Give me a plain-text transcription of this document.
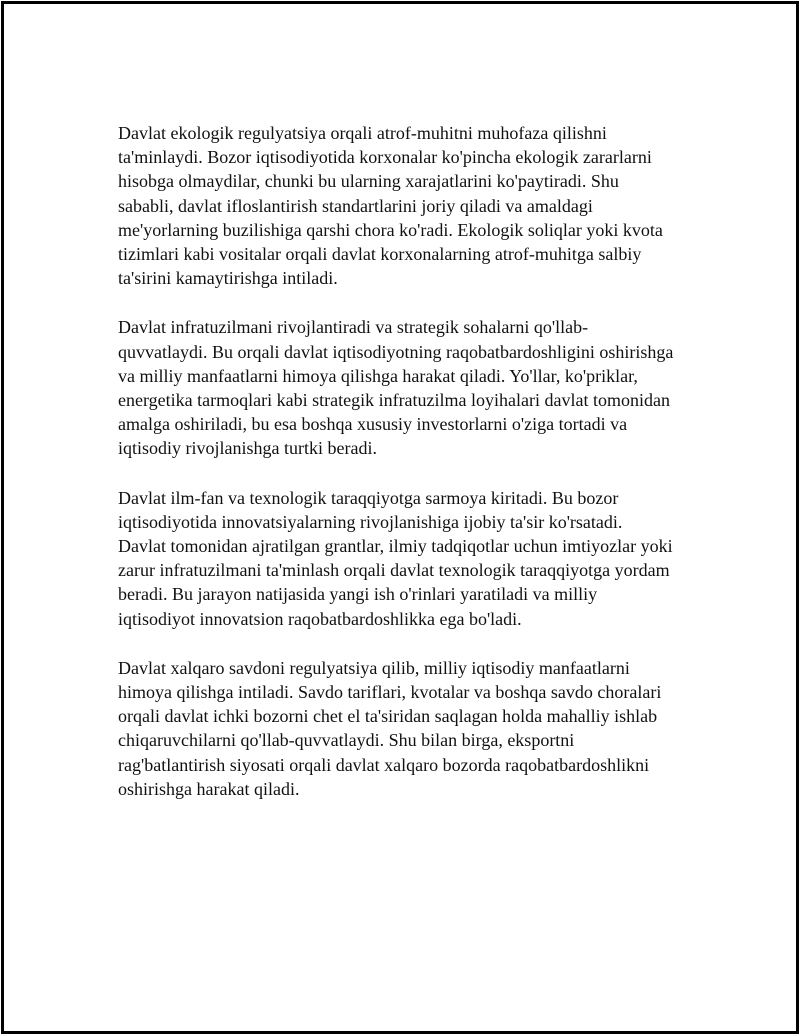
Davlat ekologik regulyatsiya orqali atrof-muhitni muhofaza qilishni
ta'minlaydi. Bozor iqtisodiyotida korxonalar ko'pincha ekologik zararlarni
hisobga olmaydilar, chunki bu ularning xarajatlarini ko'paytiradi. Shu
sababli, davlat ifloslantirish standartlarini joriy qiladi va amaldagi
me'yorlarning buzilishiga qarshi chora ko'radi. Ekologik soliqlar yoki kvota
tizimlari kabi vositalar orqali davlat korxonalarning atrof-muhitga salbiy
ta'sirini kamaytirishga intiladi.

Davlat infratuzilmani rivojlantiradi va strategik sohalarni qo'llab-
quvvatlaydi. Bu orqali davlat iqtisodiyotning raqobatbardoshligini oshirishga
va milliy manfaatlarni himoya qilishga harakat qiladi. Yo'llar, ko'priklar,
energetika tarmoqlari kabi strategik infratuzilma loyihalari davlat tomonidan
amalga oshiriladi, bu esa boshqa xususiy investorlarni o'ziga tortadi va
iqtisodiy rivojlanishga turtki beradi.

Davlat ilm-fan va texnologik taraqqiyotga sarmoya kiritadi. Bu bozor
iqtisodiyotida innovatsiyalarning rivojlanishiga ijobiy ta'sir ko'rsatadi.
Davlat tomonidan ajratilgan grantlar, ilmiy tadqiqotlar uchun imtiyozlar yoki
zarur infratuzilmani ta'minlash orqali davlat texnologik taraqqiyotga yordam
beradi. Bu jarayon natijasida yangi ish o'rinlari yaratiladi va milliy
iqtisodiyot innovatsion raqobatbardoshlikka ega bo'ladi.

Davlat xalqaro savdoni regulyatsiya qilib, milliy iqtisodiy manfaatlarni
himoya qilishga intiladi. Savdo tariflari, kvotalar va boshqa savdo choralari
orqali davlat ichki bozorni chet el ta'siridan saqlagan holda mahalliy ishlab
chiqaruvchilarni qo'llab-quvvatlaydi. Shu bilan birga, eksportni
rag'batlantirish siyosati orqali davlat xalqaro bozorda raqobatbardoshlikni
oshirishga harakat qiladi.
